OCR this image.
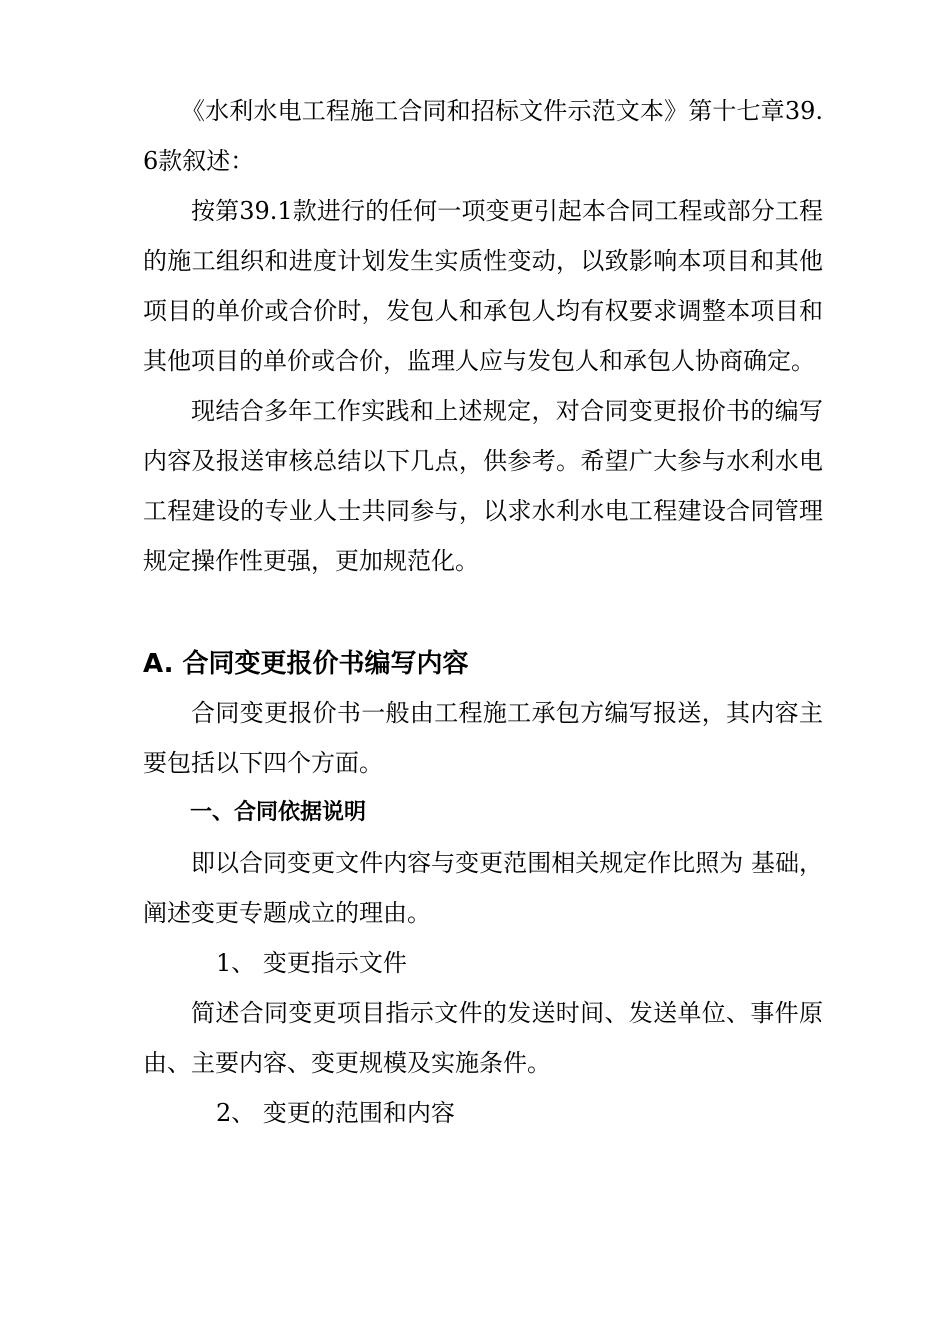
《水利水电工程施工合同和招标文件示范文本》第十七章39.6款叙述：

按第39.1款进行的任何一项变更引起本合同工程或部分工程的施工组织和进度计划发生实质性变动，以致影响本项目和其他项目的单价或合价时，发包人和承包人均有权要求调整本项目和其他项目的单价或合价，监理人应与发包人和承包人协商确定。

现结合多年工作实践和上述规定，对合同变更报价书的编写内容及报送审核总结以下几点，供参考。希望广大参与水利水电工程建设的专业人士共同参与，以求水利水电工程建设合同管理规定操作性更强，更加规范化。

A. 合同变更报价书编写内容

合同变更报价书一般由工程施工承包方编写报送，其内容主要包括以下四个方面。

一、合同依据说明

即以合同变更文件内容与变更范围相关规定作比照为 基础，阐述变更专题成立的理由。

1、 变更指示文件

简述合同变更项目指示文件的发送时间、发送单位、事件原由、主要内容、变更规模及实施条件。

2、 变更的范围和内容
